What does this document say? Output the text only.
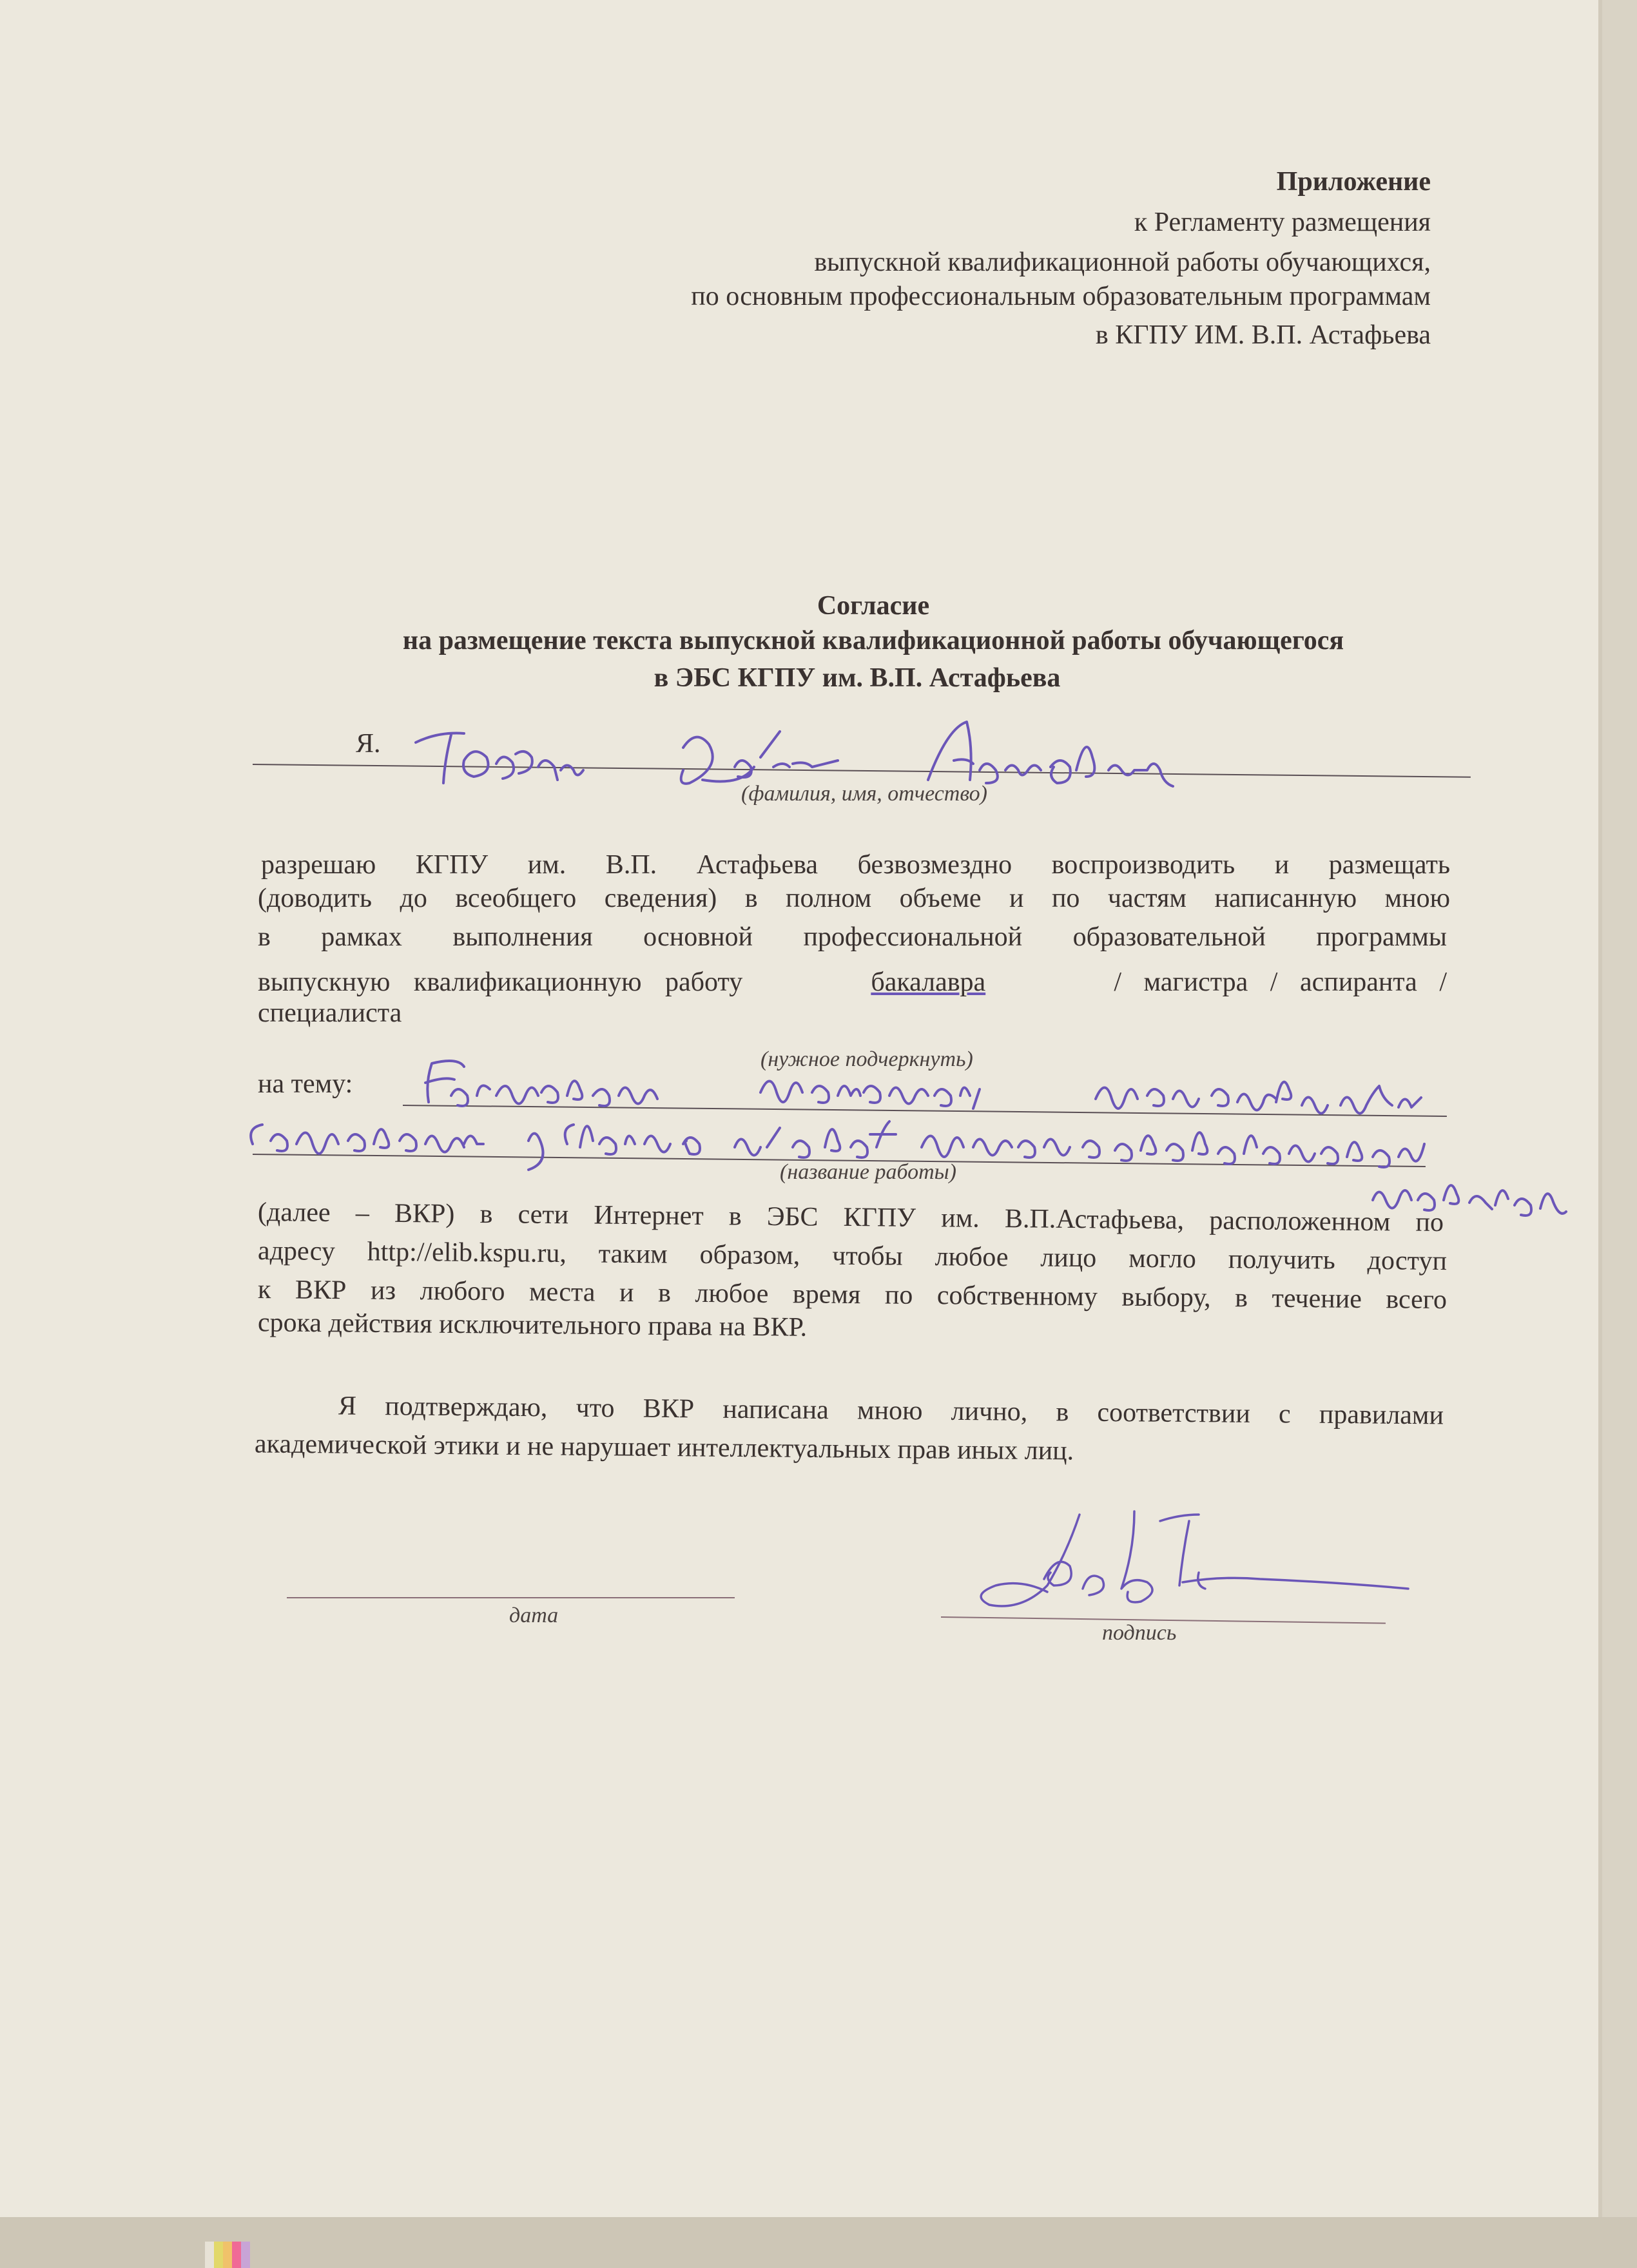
Приложение
к Регламенту размещения
выпускной квалификационной работы обучающихся,
по основным профессиональным образовательным программам
в КГПУ ИМ. В.П. Астафьева
Согласие
на размещение текста выпускной квалификационной работы обучающегося
в ЭБС КГПУ им. В.П. Астафьева
Я.
(фамилия, имя, отчество)
разрешаю КГПУ им. В.П. Астафьева безвозмездно воспроизводить и размещать
(доводить до всеобщего сведения) в полном объеме и по частям написанную мною
в рамках выполнения основной профессиональной образовательной программы
выпускную квалификационную работу	бакалавра	/ магистра / аспиранта /
специалиста
(нужное подчеркнуть)
на тему:
(название работы)
(далее – ВКР) в сети Интернет в ЭБС КГПУ им. В.П.Астафьева, расположенном по
адресу http://elib.kspu.ru, таким образом, чтобы любое лицо могло получить доступ
к ВКР из любого места и в любое время по собственному выбору, в течение всего
срока действия исключительного права на ВКР.
Я подтверждаю, что ВКР написана мною лично, в соответствии с правилами
академической этики и не нарушает интеллектуальных прав иных лиц.
дата
подпись
